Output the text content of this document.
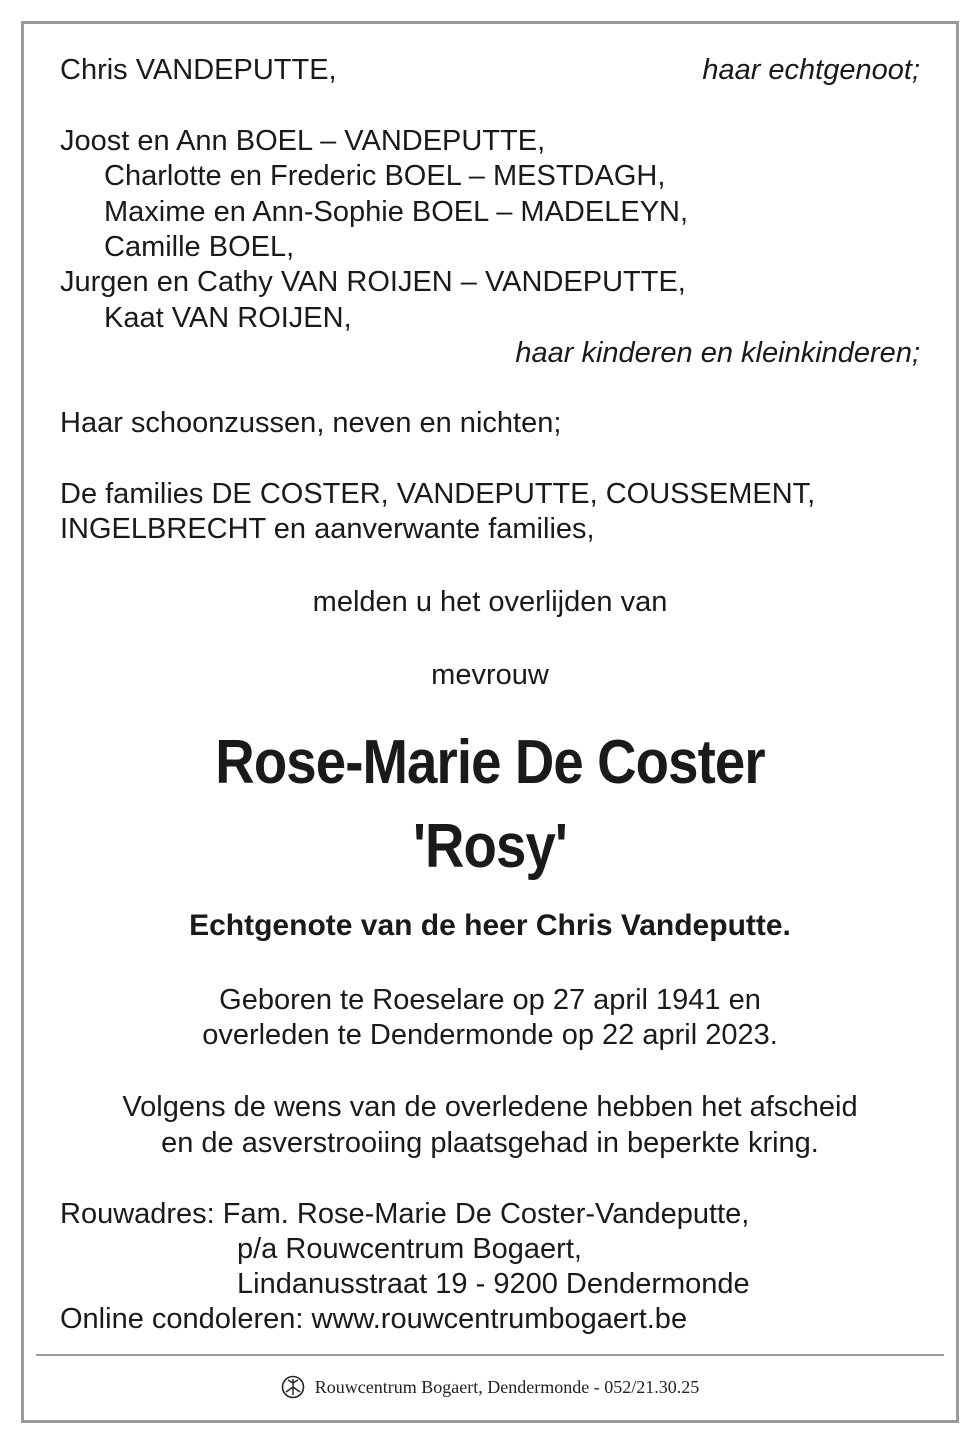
Chris VANDEPUTTE,	haar echtgenoot;
Joost en Ann BOEL – VANDEPUTTE,
Charlotte en Frederic BOEL – MESTDAGH,
Maxime en Ann-Sophie BOEL – MADELEYN,
Camille BOEL,
Jurgen en Cathy VAN ROIJEN – VANDEPUTTE,
Kaat VAN ROIJEN,
haar kinderen en kleinkinderen;
Haar schoonzussen, neven en nichten;
De families DE COSTER, VANDEPUTTE, COUSSEMENT,
INGELBRECHT en aanverwante families,
melden u het overlijden van
mevrouw
Rose-Marie De Coster
'Rosy'
Echtgenote van de heer Chris Vandeputte.
Geboren te Roeselare op 27 april 1941 en
overleden te Dendermonde op 22 april 2023.
Volgens de wens van de overledene hebben het afscheid
en de asverstrooiing plaatsgehad in beperkte kring.
Rouwadres: Fam. Rose-Marie De Coster-Vandeputte,
p/a Rouwcentrum Bogaert,
Lindanusstraat 19 - 9200 Dendermonde
Online condoleren: www.rouwcentrumbogaert.be
Rouwcentrum Bogaert, Dendermonde - 052/21.30.25
